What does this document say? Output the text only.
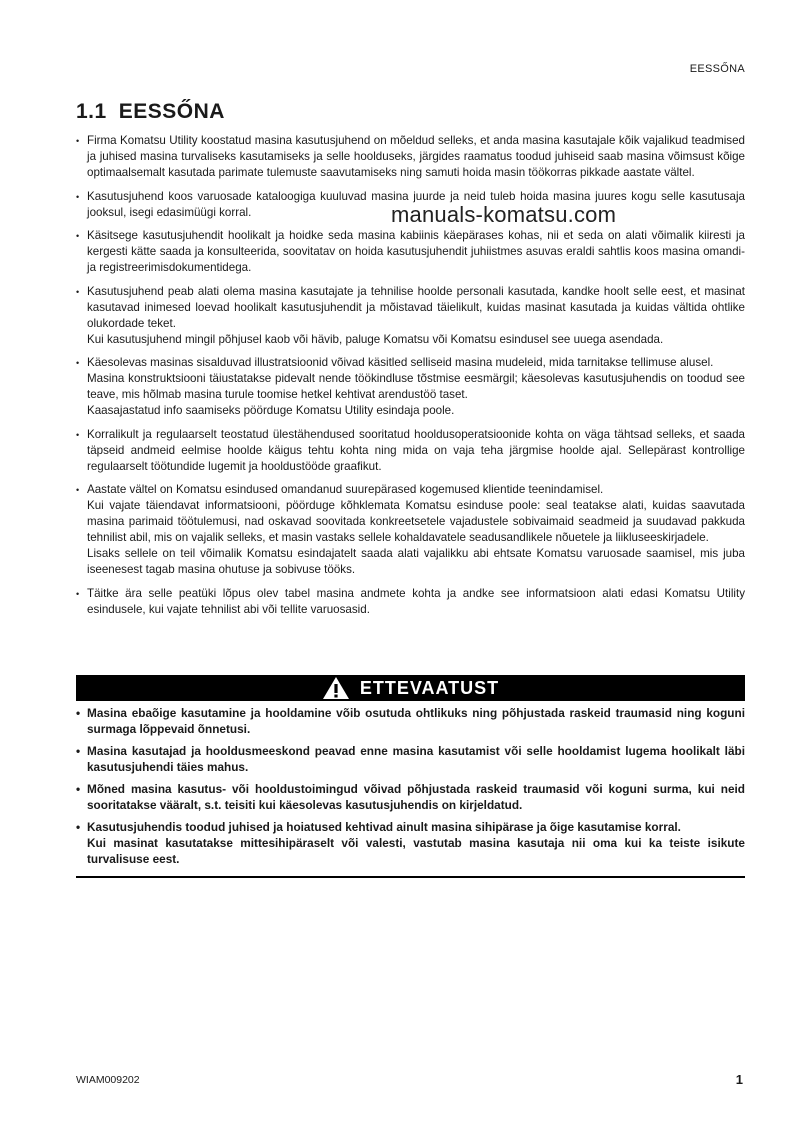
EESSŐNA
1.1 EESSŐNA

• Firma Komatsu Utility koostatud masina kasutusjuhend on mõeldud selleks, et anda masina kasutajale kõik vajalikud teadmised ja juhised masina turvaliseks kasutamiseks ja selle hoolduseks, järgides raamatus toodud juhiseid saab masina võimsust kõige optimaalsemalt kasutada parimate tulemuste saavutamiseks ning samuti hoida masin töökorras pikkade aastate vältel.

• Kasutusjuhend koos varuosade kataloogiga kuuluvad masina juurde ja neid tuleb hoida masina juures kogu selle kasutusaja jooksul, isegi edasimüügi korral.

• Käsitsege kasutusjuhendit hoolikalt ja hoidke seda masina kabiinis käepärases kohas, nii et seda on alati võimalik kiiresti ja kergesti kätte saada ja konsulteerida, soovitatav on hoida kasutusjuhendit juhiistmes asuvas eraldi sahtlis koos masina omandi- ja registreerimisdokumentidega.

• Kasutusjuhend peab alati olema masina kasutajate ja tehnilise hoolde personali kasutada, kandke hoolt selle eest, et masinat kasutavad inimesed loevad hoolikalt kasutusjuhendit ja mõistavad täielikult, kuidas masinat kasutada ja kuidas vältida ohtlike olukordade teket.

Kui kasutusjuhend mingil põhjusel kaob või hävib, paluge Komatsu või Komatsu esindusel see uuega asendada.

• Käesolevas masinas sisalduvad illustratsioonid võivad käsitled selliseid masina mudeleid, mida tarnitakse tellimuse alusel.

Masina konstruktsiooni täiustatakse pidevalt nende töökindluse tõstmise eesmärgil; käesolevas kasutusjuhendis on toodud see teave, mis hõlmab masina turule toomise hetkel kehtivat arendustöö taset.

Kaasajastatud info saamiseks pöörduge Komatsu Utility esindaja poole.

• Korralikult ja regulaarselt teostatud ülestähendused sooritatud hooldusoperatsioonide kohta on väga tähtsad selleks, et saada täpseid andmeid eelmise hoolde käigus tehtu kohta ning mida on vaja teha järgmise hoolde ajal. Sellepärast kontrollige regulaarselt töötundide lugemit ja hooldustööde graafikut.

• Aastate vältel on Komatsu esindused omandanud suurepärased kogemused klientide teenindamisel.

Kui vajate täiendavat informatsiooni, pöörduge kõhklemata Komatsu esinduse poole: seal teatakse alati, kuidas saavutada masina parimaid töötulemusi, nad oskavad soovitada konkreetsetele vajadustele sobivaimaid seadmeid ja suudavad pakkuda tehnilist abil, mis on vajalik selleks, et masin vastaks sellele kohaldavatele seadusandlikele nõuetele ja liikluseeskirjadele.

Lisaks sellele on teil võimalik Komatsu esindajatelt saada alati vajalikku abi ehtsate Komatsu varuosade saamisel, mis juba iseenesest tagab masina ohutuse ja sobivuse tööks.

• Täitke ära selle peatüki lõpus olev tabel masina andmete kohta ja andke see informatsioon alati edasi Komatsu Utility esindusele, kui vajate tehnilist abi või tellite varuosasid.

manuals-komatsu.com
ETTEVAATUST

• Masina ebaõige kasutamine ja hooldamine võib osutuda ohtlikuks ning põhjustada raskeid traumasid ning koguni surmaga lõppevaid õnnetusi.

• Masina kasutajad ja hooldusmeeskond peavad enne masina kasutamist või selle hooldamist lugema hoolikalt läbi kasutusjuhendi täies mahus.

• Mõned masina kasutus- või hooldustoimingud võivad põhjustada raskeid traumasid või koguni surma, kui neid sooritatakse vääralt, s.t. teisiti kui käesolevas kasutusjuhendis on kirjeldatud.

• Kasutusjuhendis toodud juhised ja hoiatused kehtivad ainult masina sihipärase ja õige kasutamise korral.

Kui masinat kasutatakse mittesihipäraselt või valesti, vastutab masina kasutaja nii oma kui ka teiste isikute turvalisuse eest.

WIAM009202	1
